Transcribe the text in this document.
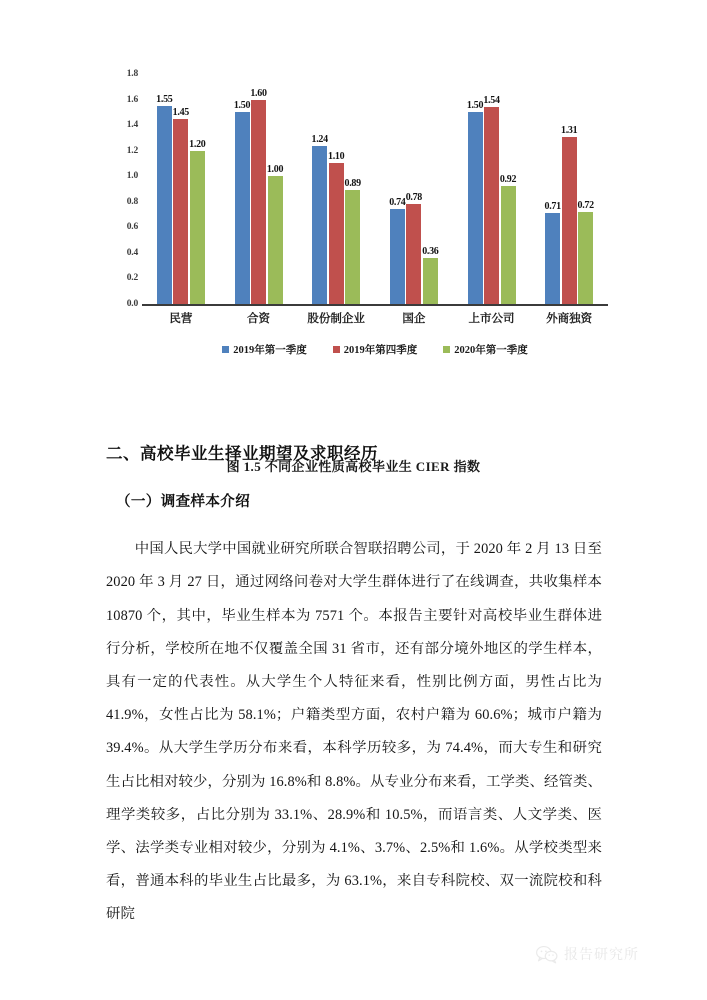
1.8
1.6
1.4
1.2
1.0
0.8
0.6
0.4
0.2
0.0
1.55
1.45
1.20
1.50
1.60
1.00
1.24
1.10
0.89
0.74 0.78
0.36
1.50 1.54
0.92
0.71
1.31
0.72
民营	合资	股份制企业	国企	上市公司	外商独资
2019年第一季度	2019年第四季度	2020年第一季度
图 1.5 不同企业性质高校毕业生 CIER 指数
二、高校毕业生择业期望及求职经历
（一）调查样本介绍

中国人民大学中国就业研究所联合智联招聘公司，于 2020 年 2 月 13 日至 2020 年 3 月 27 日，通过网络问卷对大学生群体进行了在线调查，共收集样本 10870 个，其中，毕业生样本为 7571 个。本报告主要针对高校毕业生群体进行分析，学校所在地不仅覆盖全国 31 省市，还有部分境外地区的学生样本，具有一定的代表性。从大学生个人特征来看，性别比例方面，男性占比为 41.9%，女性占比为 58.1%；户籍类型方面，农村户籍为 60.6%；城市户籍为 39.4%。从大学生学历分布来看，本科学历较多，为 74.4%，而大专生和研究生占比相对较少，分别为 16.8%和 8.8%。从专业分布来看，工学类、经管类、理学类较多，占比分别为 33.1%、28.9%和 10.5%，而语言类、人文学类、医学、法学类专业相对较少，分别为 4.1%、3.7%、2.5%和 1.6%。从学校类型来看，普通本科的毕业生占比最多，为 63.1%，来自专科院校、双一流院校和科研院

报告研究所
